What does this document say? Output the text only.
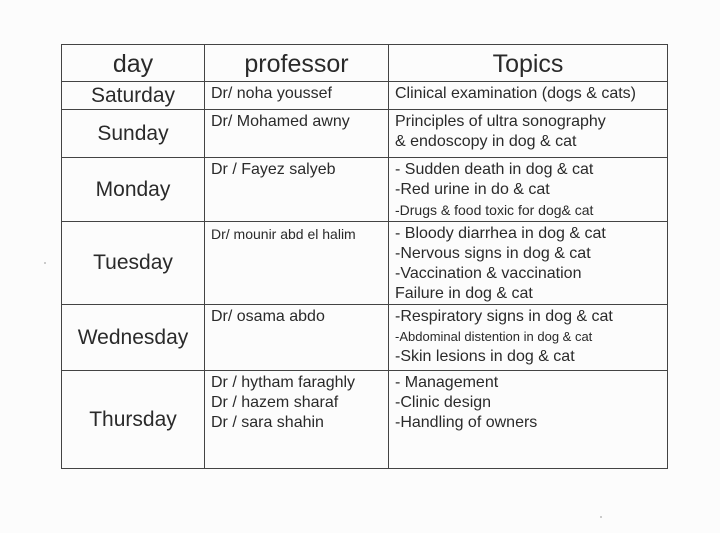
day	professor	Topics
Saturday	Dr/ noha youssef	Clinical examination (dogs & cats)

Sunday	Dr/ Mohamed awny	Principles of ultra sonography
& endoscopy in dog & cat

Monday	Dr / Fayez salyeb	- Sudden death in dog & cat
-Red urine in do & cat
-Drugs & food toxic for dog& cat

Tuesday	Dr/ mounir abd el halim	- Bloody diarrhea in dog & cat
-Nervous signs in dog & cat
-Vaccination & vaccination
Failure in dog & cat

Wednesday	Dr/ osama abdo	-Respiratory signs in dog & cat
-Abdominal distention in dog & cat
-Skin lesions in dog & cat

Thursday	Dr / hytham faraghly
Dr / hazem sharaf
Dr / sara shahin	- Management
-Clinic design
-Handling of owners
